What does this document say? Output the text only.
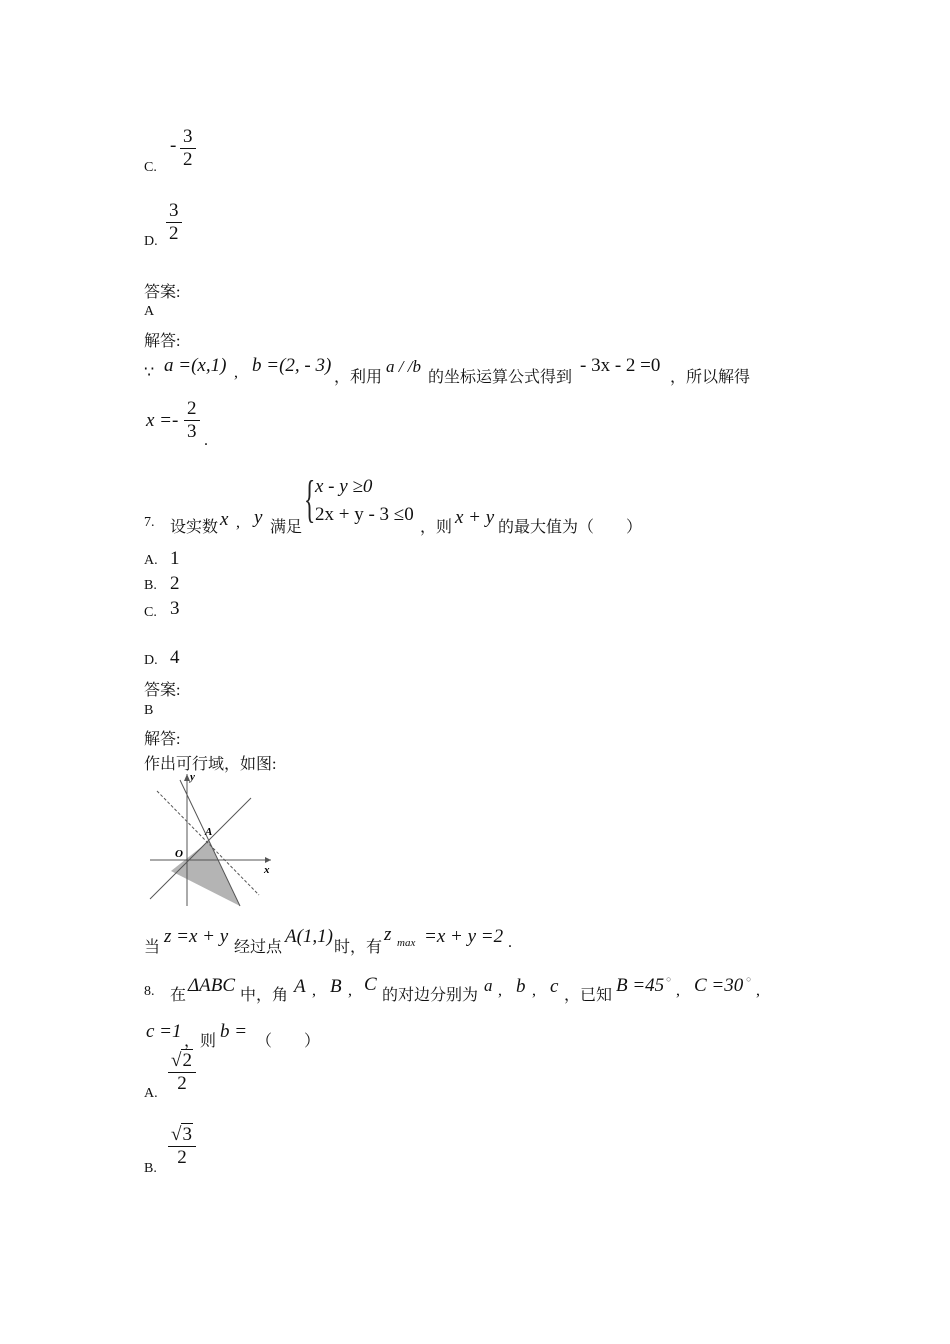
C.
- $\frac{3}{2}$
D. $\frac{3}{2}$
答案:
A
解答:
∵ a =(x,1) , b =(2, - 3)
，利用
a / /b
的坐标运算公式得到
- 3x - 2 =0
，所以解得
$x =- \frac{2}{3}$ .
7. 设实数 x , y 满足 { x - y ≥0
2x + y - 3 ≤0
，则 x + y 的最大值为（　　）
A. 1
B. 2
C. 3
D. 4
答案:
B
解答:
作出可行域，如图:
x
y
O
A
当
z =x + y
经过点
A(1,1)
时，有
z max =x + y =2 .
8. 在 ΔABC 中，角 A , B , C
的对边分别为
a , b , c ，已知 B =45 ○
, C =30 ○
,
c =1 ，则 b = （　　）
A. $\frac{√2}{2}$
B. $\frac{√3}{2}$
